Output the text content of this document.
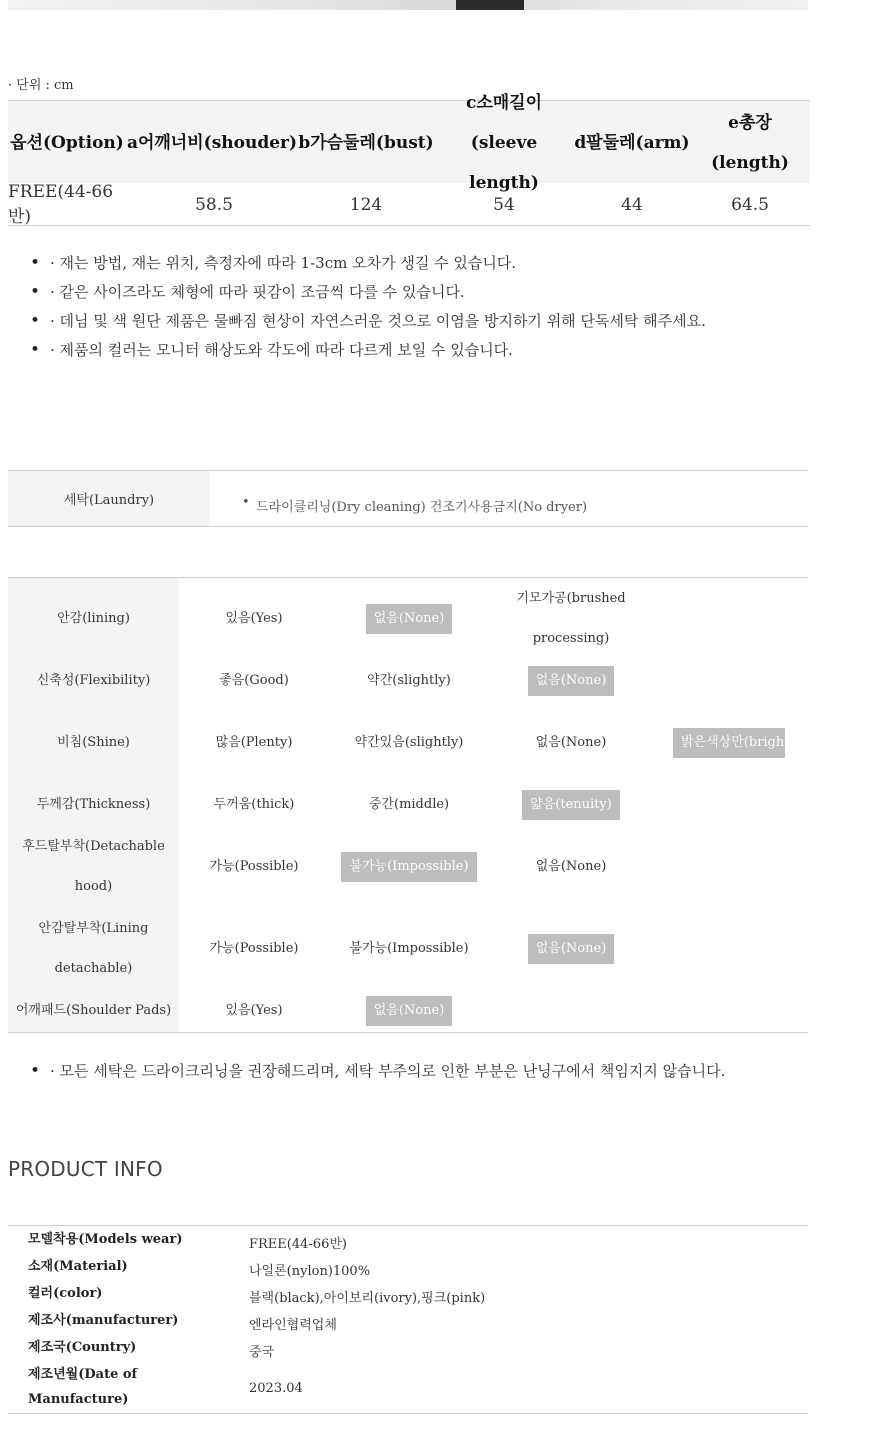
· 단위 : cm
옵션(Option) a어깨너비(shouder) b가슴둘레(bust)
c소매길이(sleeve length)
d팔둘레(arm)
e총장(length)
FREE(44-66반)
58.5	124	54	44	64.5
• · 재는 방법, 재는 위치, 측정자에 따라 1-3cm 오차가 생길 수 있습니다.
• · 같은 사이즈라도 체형에 따라 핏감이 조금씩 다를 수 있습니다.
• · 데님 및 색 원단 제품은 물빠짐 현상이 자연스러운 것으로 이염을 방지하기 위해 단독세탁 해주세요.
• · 제품의 컬러는 모니터 해상도와 각도에 따라 다르게 보일 수 있습니다.
세탁(Laundry)
•	드라이클리닝(Dry cleaning) 건조기사용금지(No dryer)
안감(lining)	있음(Yes)	없음(None)
기모가공(brushed processing)
신축성(Flexibility)	좋음(Good)	약간(slightly)	없음(None)
비침(Shine)	많음(Plenty)	약간있음(slightly)	없음(None)	밝은색상만(bright colors only)
두께감(Thickness)	두꺼움(thick)	중간(middle)	얇음(tenuity)
후드탈부착(Detachable hood)
가능(Possible)	불가능(Impossible)	없음(None)
안감탈부착(Lining detachable)
가능(Possible)	불가능(Impossible)	없음(None)
어깨패드(Shoulder Pads)	있음(Yes)	없음(None)
• · 모든 세탁은 드라이크리닝을 권장해드리며, 세탁 부주의로 인한 부분은 난닝구에서 책임지지 않습니다.
PRODUCT INFO
모델착용(Models wear)	FREE(44-66반)
소재(Material)	나일론(nylon)100%
컬러(color)	블랙(black),아이보리(ivory),핑크(pink)
제조사(manufacturer)	엔라인협력업체
제조국(Country)	중국
제조년월(Date of Manufacture)
2023.04
